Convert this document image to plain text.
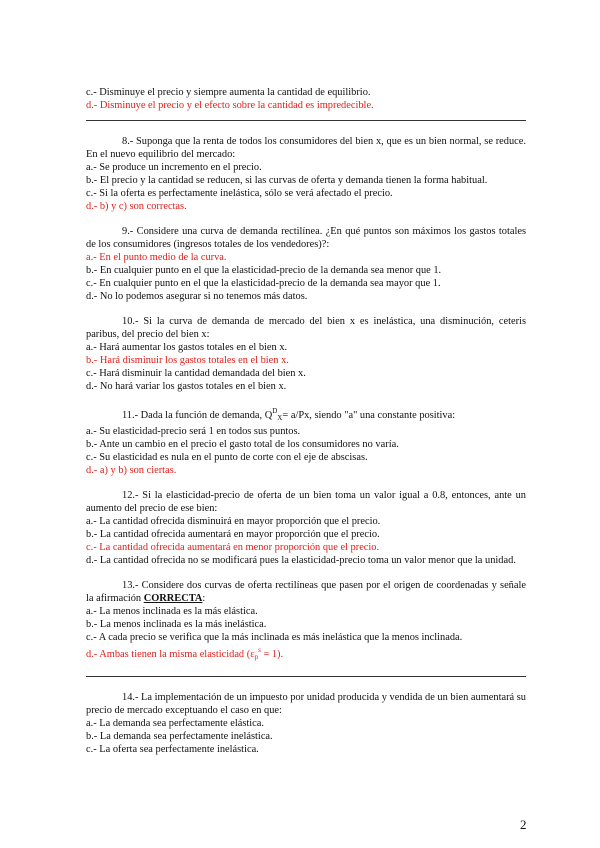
c.- Disminuye el precio y siempre aumenta la cantidad de equilibrio.
d.- Disminuye el precio y el efecto sobre la cantidad es impredecible.
8.- Suponga que la renta de todos los consumidores del bien x, que es un bien normal, se reduce. En el nuevo equilibrio del mercado:
a.- Se produce un incremento en el precio.
b.- El precio y la cantidad se reducen, si las curvas de oferta y demanda tienen la forma habitual.
c.- Si la oferta es perfectamente inelástica, sólo se verá afectado el precio.
d.- b) y c) son correctas.
9.- Considere una curva de demanda rectilínea. ¿En qué puntos son máximos los gastos totales de los consumidores (ingresos totales de los vendedores)?:
a.- En el punto medio de la curva.
b.- En cualquier punto en el que la elasticidad-precio de la demanda sea menor que 1.
c.- En cualquier punto en el que la elasticidad-precio de la demanda sea mayor que 1.
d.- No lo podemos asegurar si no tenemos más datos.
10.- Si la curva de demanda de mercado del bien x es inelástica, una disminución, ceteris paribus, del precio del bien x:
a.- Hará aumentar los gastos totales en el bien x.
b.- Hará disminuir los gastos totales en el bien x.
c.- Hará disminuir la cantidad demandada del bien x.
d.- No hará variar los gastos totales en el bien x.
11.- Dada la función de demanda, $Q^D_X= a/Px$, siendo "a" una constante positiva:
a.- Su elasticidad-precio será 1 en todos sus puntos.
b.- Ante un cambio en el precio el gasto total de los consumidores no varía.
c.- Su elasticidad es nula en el punto de corte con el eje de abscisas.
d.- a) y b) son ciertas.
12.- Si la elasticidad-precio de oferta de un bien toma un valor igual a 0.8, entonces, ante un aumento del precio de ese bien:
a.- La cantidad ofrecida disminuirá en mayor proporción que el precio.
b.- La cantidad ofrecida aumentará en mayor proporción que el precio.
c.- La cantidad ofrecida aumentará en menor proporción que el precio.
d.- La cantidad ofrecida no se modificará pues la elasticidad-precio toma un valor menor que la unidad.
13.- Considere dos curvas de oferta rectilíneas que pasen por el origen de coordenadas y señale la afirmación CORRECTA:
a.- La menos inclinada es la más elástica.
b.- La menos inclinada es la más inelástica.
c.- A cada precio se verifica que la más inclinada es más inelástica que la menos inclinada.
d.- Ambas tienen la misma elasticidad $(\varepsilon_p^s = 1)$.
14.- La implementación de un impuesto por unidad producida y vendida de un bien aumentará su precio de mercado exceptuando el caso en que:
a.- La demanda sea perfectamente elástica.
b.- La demanda sea perfectamente inelástica.
c.- La oferta sea perfectamente inelástica.
2
